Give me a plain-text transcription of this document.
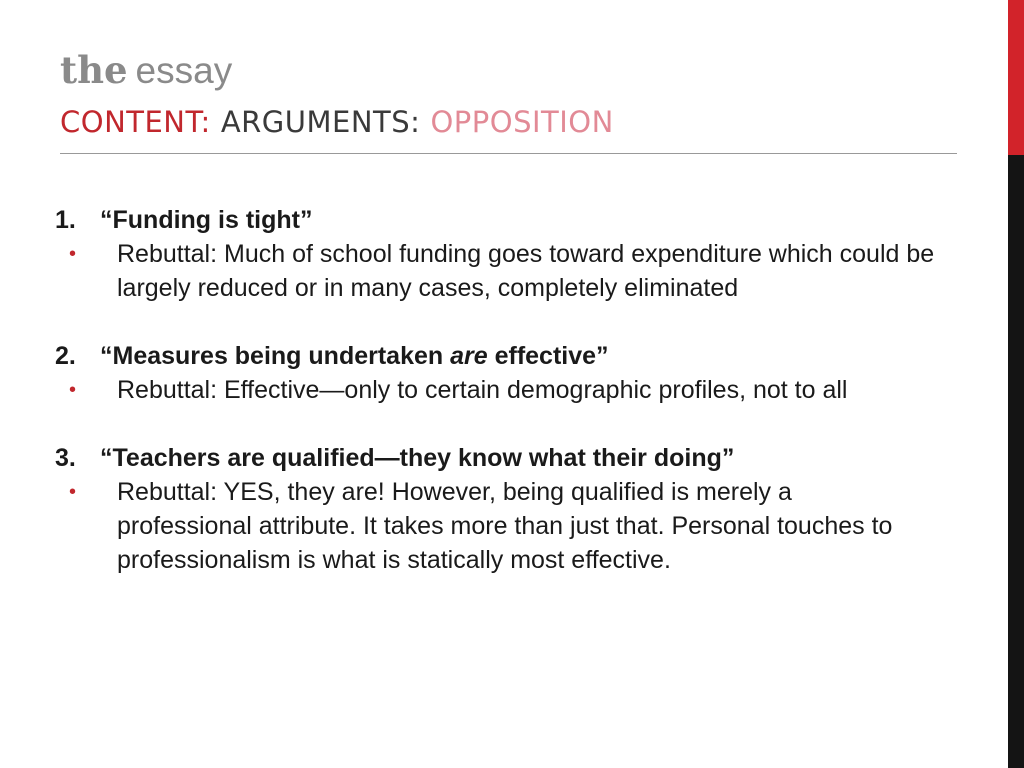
the essay
CONTENT: ARGUMENTS: OPPOSITION
1. “Funding is tight”
• Rebuttal: Much of school funding goes toward expenditure which could be largely reduced or in many cases, completely eliminated
2. “Measures being undertaken are effective”
• Rebuttal: Effective—only to certain demographic profiles, not to all
3. “Teachers are qualified—they know what their doing”
• Rebuttal: YES, they are! However, being qualified is merely a professional attribute. It takes more than just that. Personal touches to professionalism is what is statically most effective.
